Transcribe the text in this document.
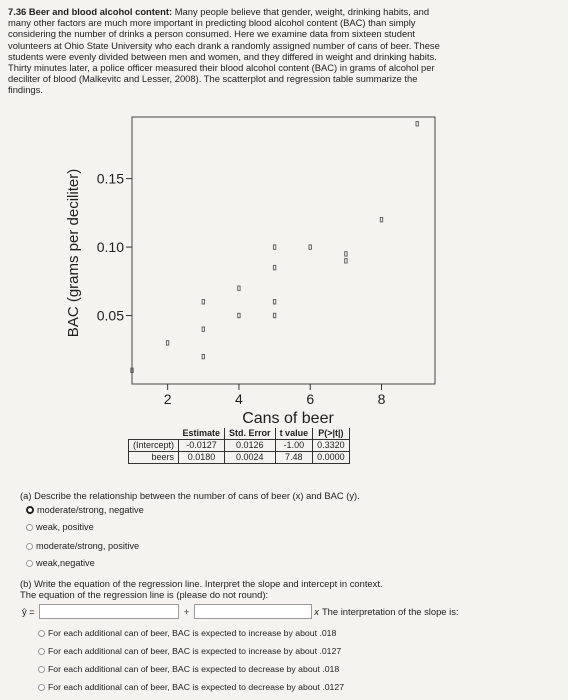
7.36 Beer and blood alcohol content: Many people believe that gender, weight, drinking habits, and
many other factors are much more important in predicting blood alcohol content (BAC) than simply
considering the number of drinks a person consumed. Here we examine data from sixteen student
volunteers at Ohio State University who each drank a randomly assigned number of cans of beer. These
students were evenly divided between men and women, and they differed in weight and drinking habits.
Thirty minutes later, a police officer measured their blood alcohol content (BAC) in grams of alcohol per
deciliter of blood (Malkevitc and Lesser, 2008). The scatterplot and regression table summarize the
findings.

2	4	6	8
0.05
0.10
0.15
Cans of beer
BAC (grams per deciliter)
	Estimate	Std. Error	t value	P(>|t|)
(Intercept)	-0.0127	0.0126	-1.00	0.3320
beers	0.0180	0.0024	7.48	0.0000
(a) Describe the relationship between the number of cans of beer (x) and BAC (y).
moderate/strong, negative
weak, positive
moderate/strong, positive
weak,negative
(b) Write the equation of the regression line. Interpret the slope and intercept in context.
The equation of the regression line is (please do not round):
ŷ =	+	x The interpretation of the slope is:
For each additional can of beer, BAC is expected to increase by about .018
For each additional can of beer, BAC is expected to increase by about .0127
For each additional can of beer, BAC is expected to decrease by about .018
For each additional can of beer, BAC is expected to decrease by about .0127
